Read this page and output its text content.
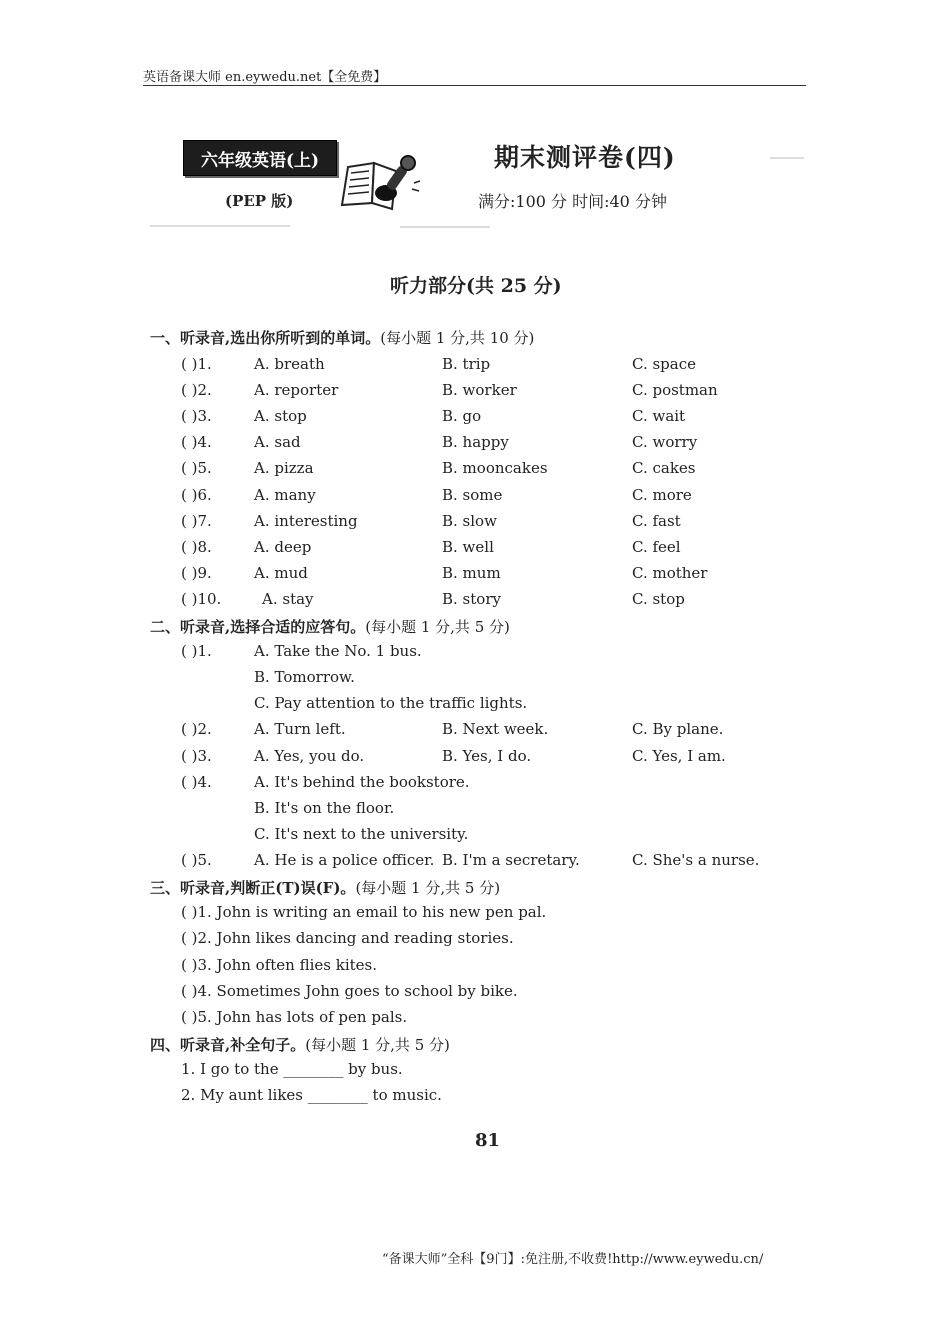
英语备课大师 en.eywedu.net【全免费】
六年级英语(上)
(PEP 版)
期末测评卷(四)
满分:100 分 时间:40 分钟
听力部分(共 25 分)
一、听录音,选出你所听到的单词。(每小题 1 分,共 10 分)
( )1.	A. breath	B. trip	C. space
( )2.	A. reporter	B. worker	C. postman
( )3.	A. stop	B. go	C. wait
( )4.	A. sad	B. happy	C. worry
( )5.	A. pizza	B. mooncakes	C. cakes
( )6.	A. many	B. some	C. more
( )7.	A. interesting	B. slow	C. fast
( )8.	A. deep	B. well	C. feel
( )9.	A. mud	B. mum	C. mother
( )10.	A. stay	B. story	C. stop
二、听录音,选择合适的应答句。(每小题 1 分,共 5 分)
( )1.	A. Take the No. 1 bus.
B. Tomorrow.
C. Pay attention to the traffic lights.
( )2.	A. Turn left.	B. Next week.	C. By plane.
( )3.	A. Yes, you do.	B. Yes, I do.	C. Yes, I am.
( )4.	A. It's behind the bookstore.
B. It's on the floor.
C. It's next to the university.
( )5.	A. He is a police officer. B. I'm a secretary.	C. She's a nurse.
三、听录音,判断正(T)误(F)。(每小题 1 分,共 5 分)
( )1. John is writing an email to his new pen pal.
( )2. John likes dancing and reading stories.
( )3. John often flies kites.
( )4. Sometimes John goes to school by bike.
( )5. John has lots of pen pals.
四、听录音,补全句子。(每小题 1 分,共 5 分)
1. I go to the ________ by bus.
2. My aunt likes ________ to music.
81
“备课大师”全科【9门】:免注册,不收费!http://www.eywedu.cn/
